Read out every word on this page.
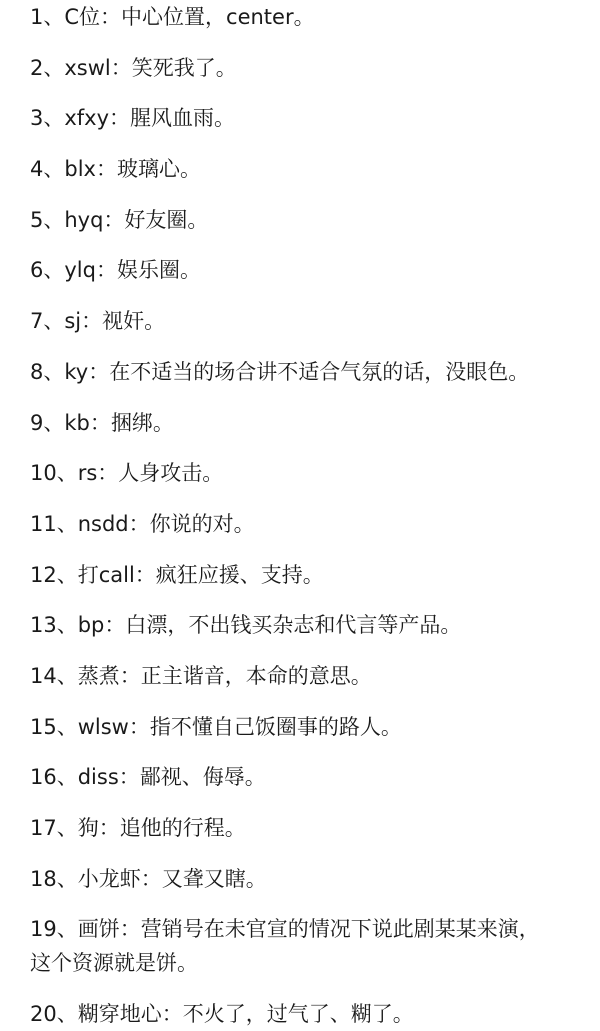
1、C位：中心位置，center。
2、xswl：笑死我了。
3、xfxy：腥风血雨。
4、blx：玻璃心。
5、hyq：好友圈。
6、ylq：娱乐圈。
7、sj：视奸。
8、ky：在不适当的场合讲不适合气氛的话，没眼色。
9、kb：捆绑。
10、rs：人身攻击。
11、nsdd：你说的对。
12、打call：疯狂应援、支持。
13、bp：白漂，不出钱买杂志和代言等产品。
14、蒸煮：正主谐音，本命的意思。
15、wlsw：指不懂自己饭圈事的路人。
16、diss：鄙视、侮辱。
17、狗：追他的行程。
18、小龙虾：又聋又瞎。
19、画饼：营销号在未官宣的情况下说此剧某某来演，这个资源就是饼。
20、糊穿地心：不火了，过气了、糊了。
